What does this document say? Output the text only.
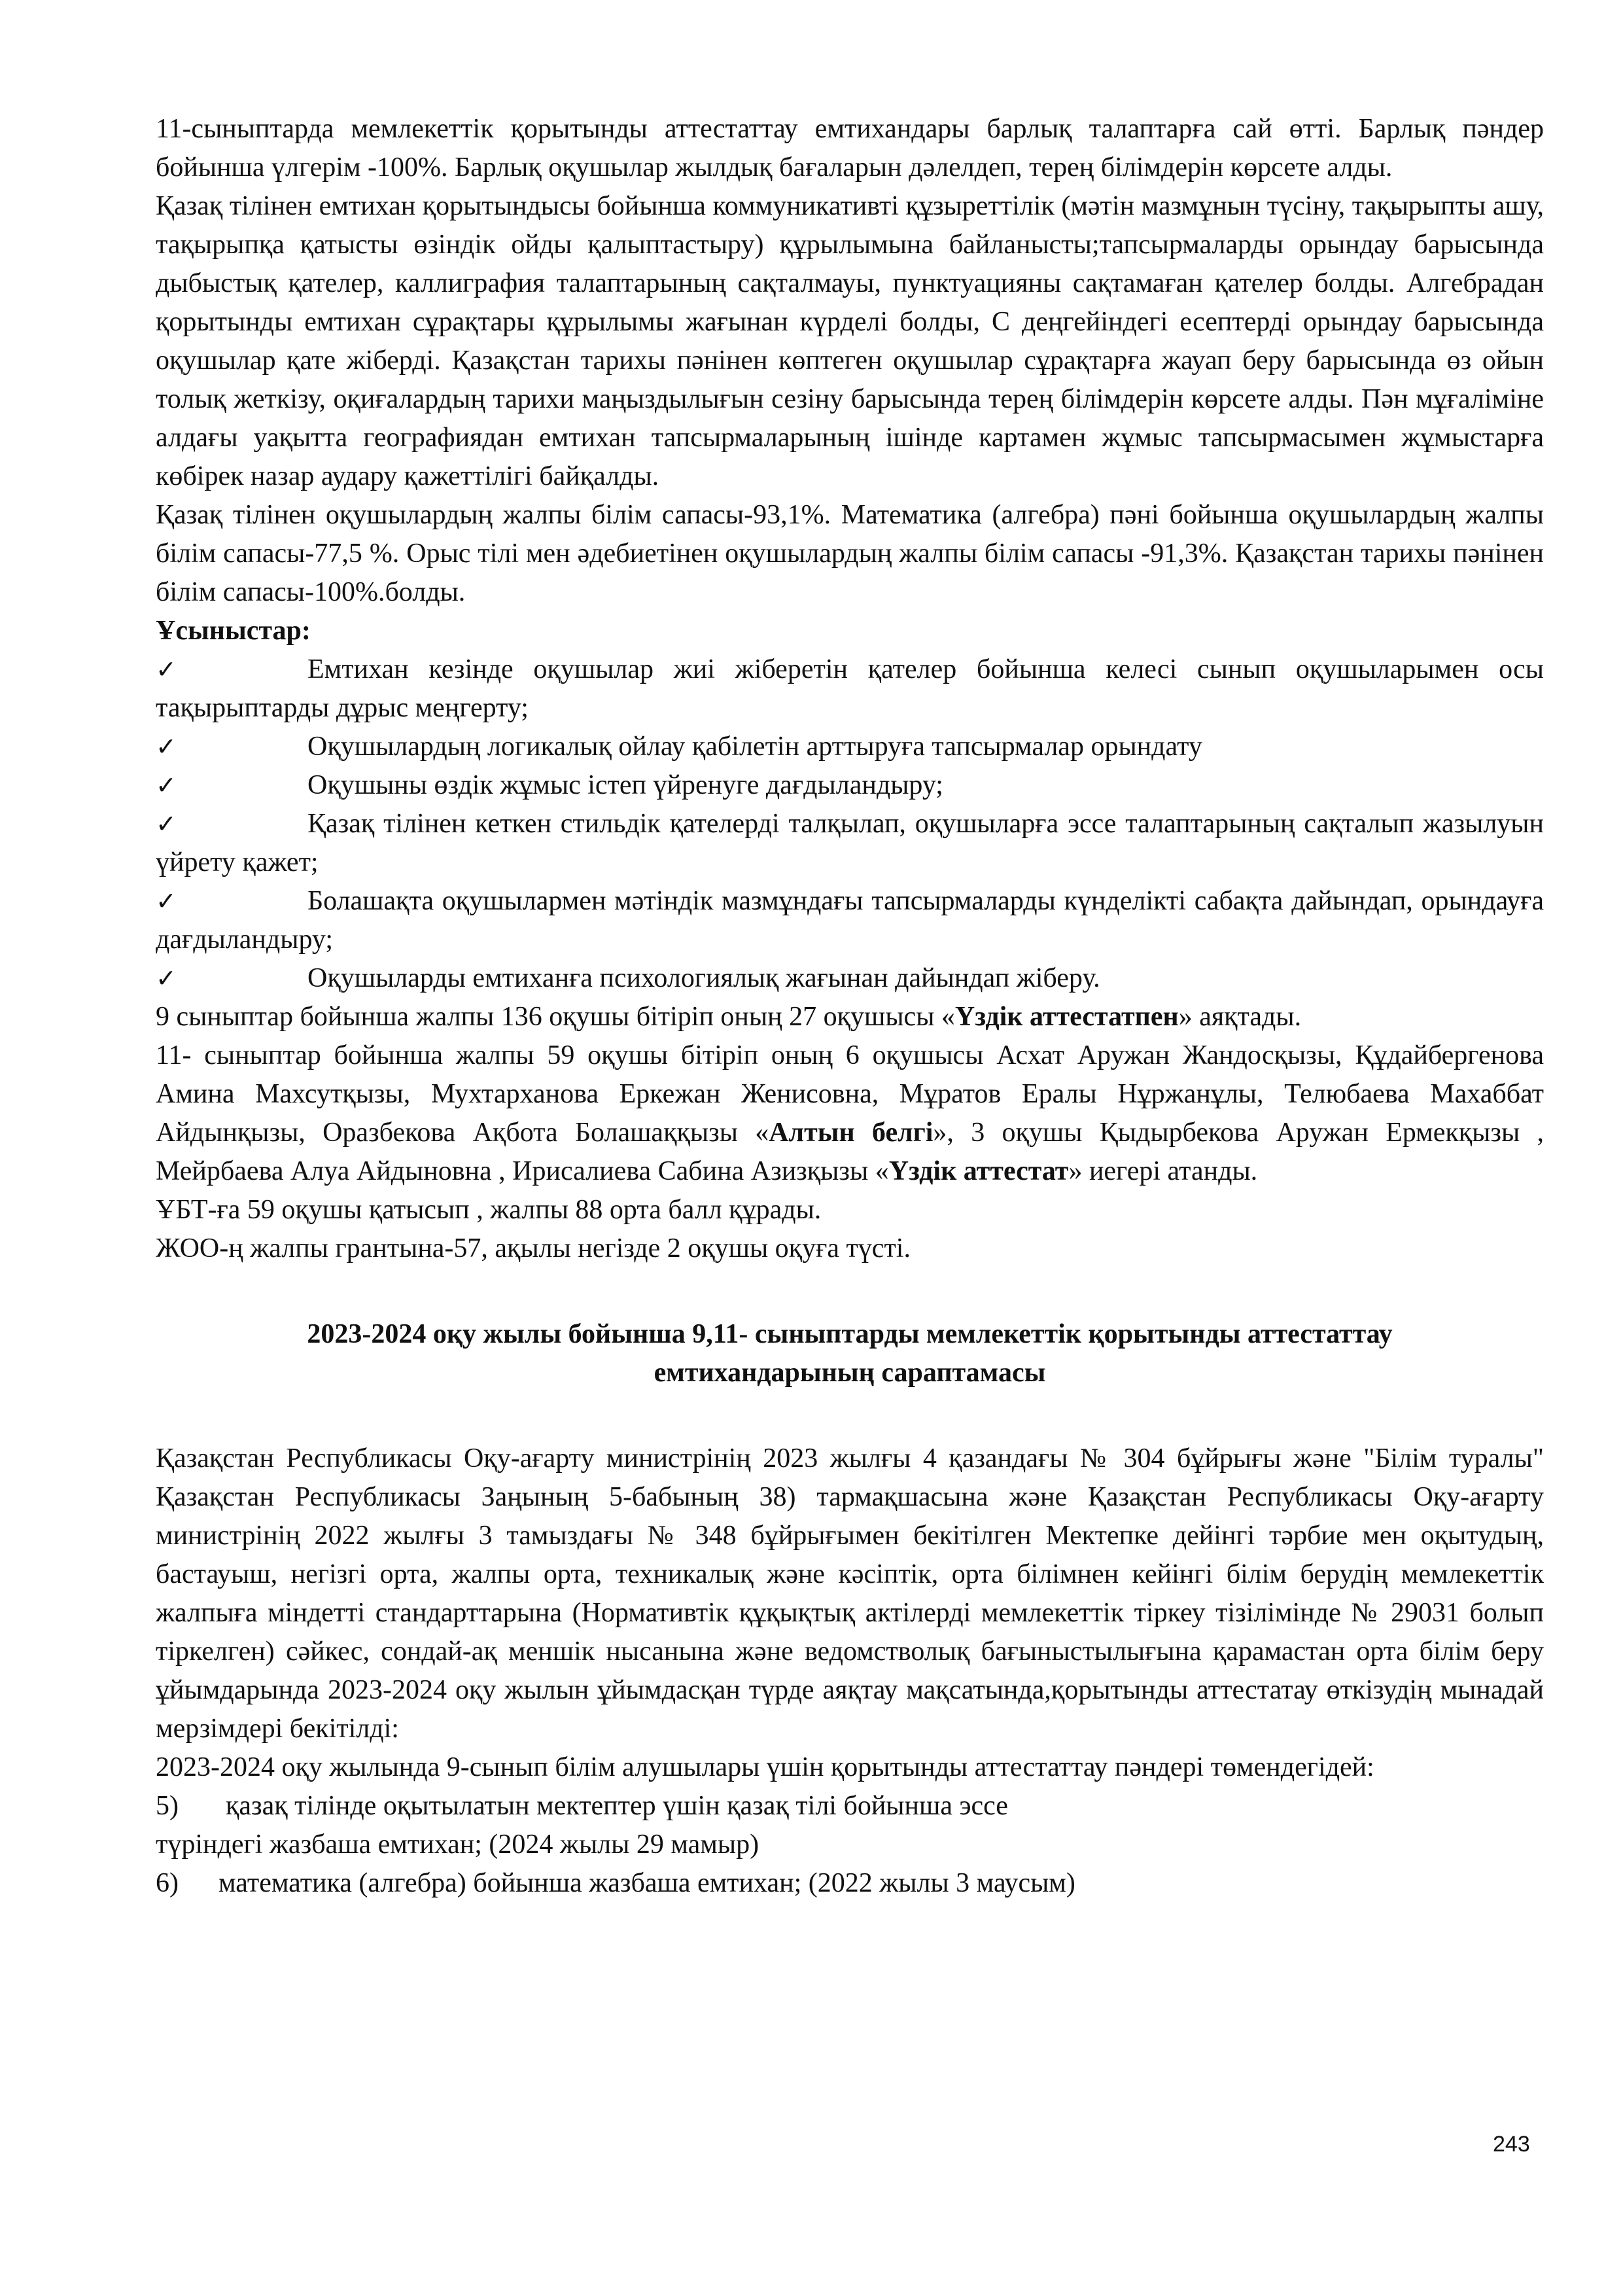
11-сыныптарда мемлекеттік қорытынды аттестаттау емтихандары барлық талаптарға сай өтті. Барлық пәндер бойынша үлгерім -100%. Барлық оқушылар жылдық бағаларын дәлелдеп, терең білімдерін көрсете алды.

Қазақ тілінен емтихан қорытындысы бойынша коммуникативті құзыреттілік (мәтін мазмұнын түсіну, тақырыпты ашу, тақырыпқа қатысты өзіндік ойды қалыптастыру) құрылымына байланысты;тапсырмаларды орындау барысында дыбыстық қателер, каллиграфия талаптарының сақталмауы, пунктуацияны сақтамаған қателер болды. Алгебрадан қорытынды емтихан сұрақтары құрылымы жағынан күрделі болды, С деңгейіндегі есептерді орындау барысында оқушылар қате жіберді. Қазақстан тарихы пәнінен көптеген оқушылар сұрақтарға жауап беру барысында өз ойын толық жеткізу, оқиғалардың тарихи маңыздылығын сезіну барысында терең білімдерін көрсете алды. Пән мұғаліміне алдағы уақытта географиядан емтихан тапсырмаларының ішінде картамен жұмыс тапсырмасымен жұмыстарға көбірек назар аудару қажеттілігі байқалды.

Қазақ тілінен оқушылардың жалпы білім сапасы-93,1%. Математика (алгебра) пәні бойынша оқушылардың жалпы білім сапасы-77,5 %. Орыс тілі мен әдебиетінен оқушылардың жалпы білім сапасы -91,3%. Қазақстан тарихы пәнінен білім сапасы-100%.болды.

Ұсыныстар:

✓	Емтихан кезінде оқушылар жиі жіберетін қателер бойынша келесі сынып оқушыларымен осы тақырыптарды дұрыс меңгерту;

✓	Оқушылардың логикалық ойлау қабілетін арттыруға тапсырмалар орындату

✓	Оқушыны өздік жұмыс істеп үйренуге дағдыландыру;

✓	Қазақ тілінен кеткен стильдік қателерді талқылап, оқушыларға эссе талаптарының сақталып жазылуын үйрету қажет;

✓	Болашақта оқушылармен мәтіндік мазмұндағы тапсырмаларды күнделікті сабақта дайындап, орындауға дағдыландыру;

✓	Оқушыларды емтиханға психологиялық жағынан дайындап жіберу.

9 сыныптар бойынша жалпы 136 оқушы бітіріп оның 27 оқушысы «Үздік аттестатпен» аяқтады.

11- сыныптар бойынша жалпы 59 оқушы бітіріп оның 6 оқушысы Асхат Аружан Жандосқызы, Құдайбергенова Амина Махсутқызы, Мухтарханова Еркежан Женисовна, Мұратов Ералы Нұржанұлы, Телюбаева Махаббат Айдынқызы, Оразбекова Ақбота Болашаққызы «Алтын белгі», 3 оқушы Қыдырбекова Аружан Ермекқызы , Мейрбаева Алуа Айдыновна , Ирисалиева Сабина Азизқызы «Үздік аттестат» иегері атанды.

ҰБТ-ға 59 оқушы қатысып , жалпы 88 орта балл құрады.

ЖОО-ң жалпы грантына-57, ақылы негізде 2 оқушы оқуға түсті.

2023-2024 оқу жылы бойынша 9,11- сыныптарды мемлекеттік қорытынды аттестаттау
емтихандарының сараптамасы

Қазақстан Республикасы Оқу-ағарту министрінің 2023 жылғы 4 қазандағы № 304 бұйрығы және "Білім туралы" Қазақстан Республикасы Заңының 5-бабының 38) тармақшасына және Қазақстан Республикасы Оқу-ағарту министрінің 2022 жылғы 3 тамыздағы № 348 бұйрығымен бекітілген Мектепке дейінгі тәрбие мен оқытудың, бастауыш, негізгі орта, жалпы орта, техникалық және кәсіптік, орта білімнен кейінгі білім берудің мемлекеттік жалпыға міндетті стандарттарына (Нормативтік құқықтық актілерді мемлекеттік тіркеу тізілімінде № 29031 болып тіркелген) сәйкес, сондай-ақ меншік нысанына және ведомстволық бағыныстылығына қарамастан орта білім беру ұйымдарында 2023-2024 оқу жылын ұйымдасқан түрде аяқтау мақсатында,қорытынды аттестатау өткізудің мынадай мерзімдері бекітілді:

2023-2024 оқу жылында 9-сынып білім алушылары үшін қорытынды аттестаттау пәндері төмендегідей:

5) қазақ тілінде оқытылатын мектептер үшін қазақ тілі бойынша эссе

түріндегі жазбаша емтихан; (2024 жылы 29 мамыр)

6) математика (алгебра) бойынша жазбаша емтихан; (2022 жылы 3 маусым)

243
